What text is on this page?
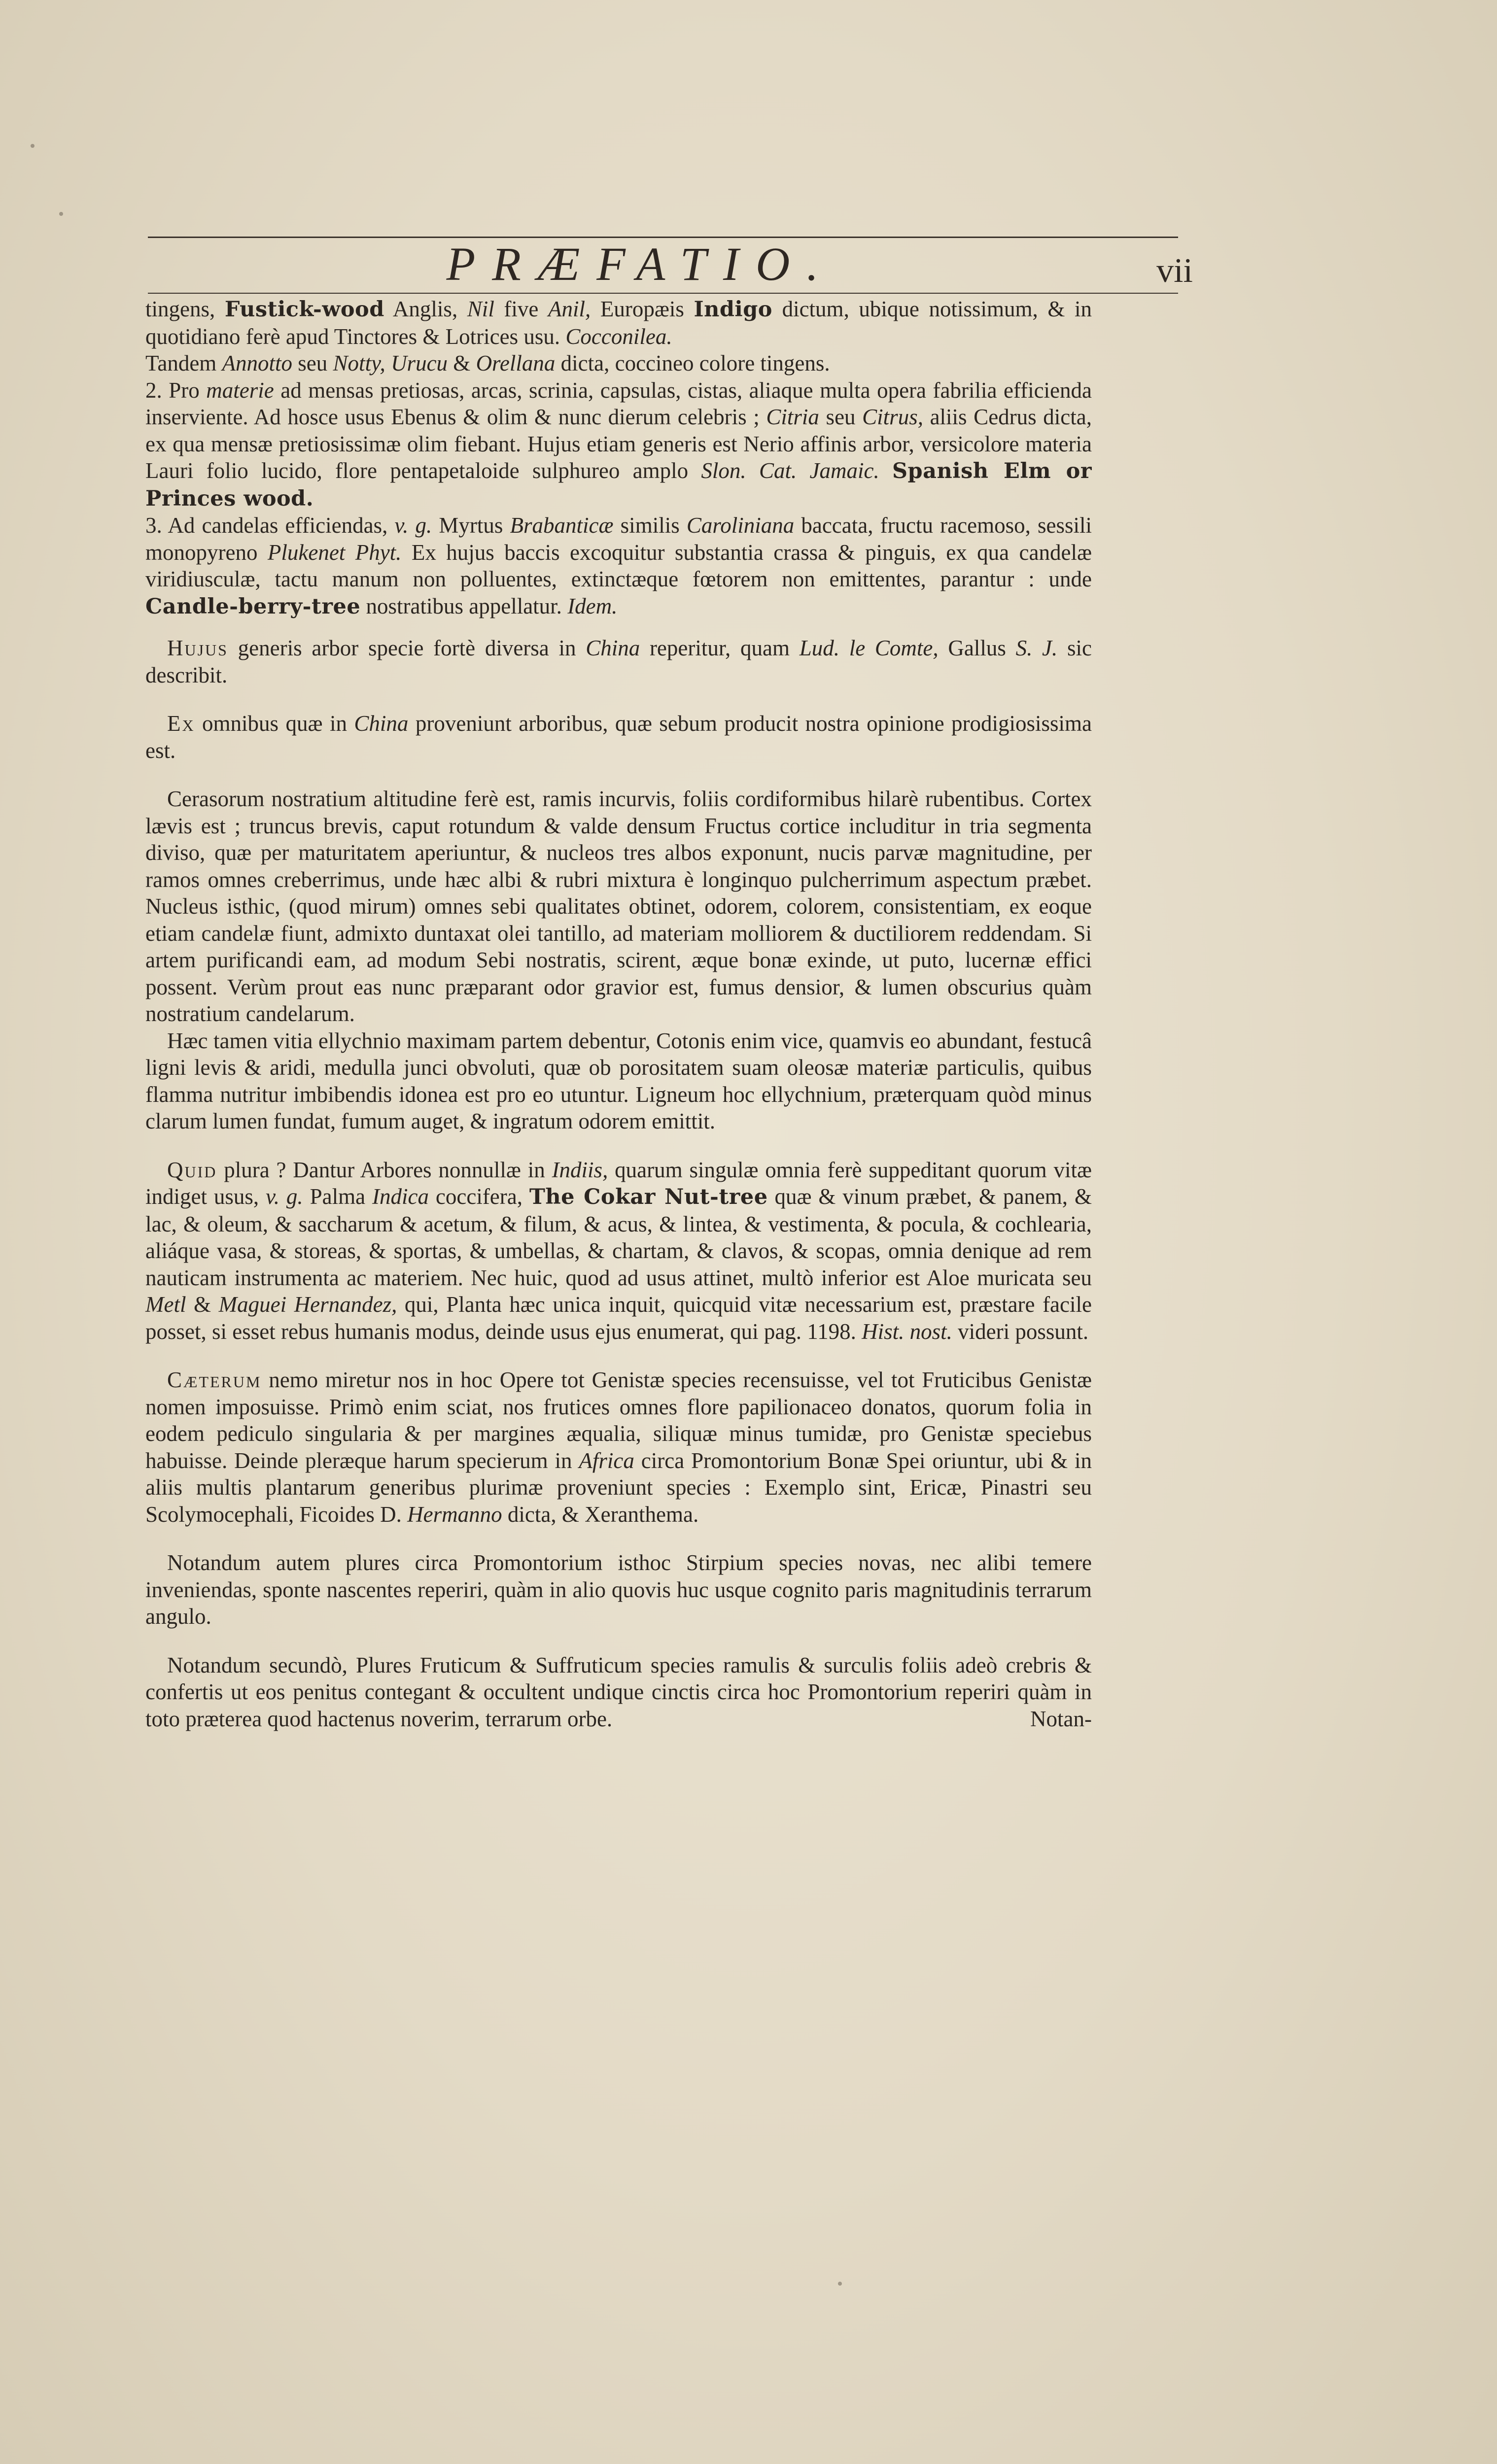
PRÆFATIO.	vii

tingens, Fustick-wood Anglis, Nil five Anil, Europæis Indigo dictum, ubique notissimum, & in quotidiano ferè apud Tinctores & Lotrices usu. Cocconilea.

Tandem Annotto seu Notty, Urucu & Orellana dicta, coccineo colore tingens.

2. Pro materie ad mensas pretiosas, arcas, scrinia, capsulas, cistas, aliaque multa opera fabrilia efficienda inserviente. Ad hosce usus Ebenus & olim & nunc dierum celebris ; Citria seu Citrus, aliis Cedrus dicta, ex qua mensæ pretiosissimæ olim fiebant. Hujus etiam generis est Nerio affinis arbor, versicolore materia Lauri folio lucido, flore pentapetaloide sulphureo amplo Slon. Cat. Jamaic. Spanish Elm or Princes wood.

3. Ad candelas efficiendas, v. g. Myrtus Brabanticæ similis Caroliniana baccata, fructu racemoso, sessili monopyreno Plukenet Phyt. Ex hujus baccis excoquitur substantia crassa & pinguis, ex qua candelæ viridiusculæ, tactu manum non polluentes, extinctæque fœtorem non emittentes, parantur : unde Candle-berry-tree nostratibus appellatur. Idem.

Hujus generis arbor specie fortè diversa in China reperitur, quam Lud. le Comte, Gallus S. J. sic describit.

Ex omnibus quæ in China proveniunt arboribus, quæ sebum producit nostra opinione prodigiosissima est.

Cerasorum nostratium altitudine ferè est, ramis incurvis, foliis cordiformibus hilarè rubentibus. Cortex lævis est ; truncus brevis, caput rotundum & valde densum Fructus cortice includitur in tria segmenta diviso, quæ per maturitatem aperiuntur, & nucleos tres albos exponunt, nucis parvæ magnitudine, per ramos omnes creberrimus, unde hæc albi & rubri mixtura è longinquo pulcherrimum aspectum præbet. Nucleus isthic, (quod mirum) omnes sebi qualitates obtinet, odorem, colorem, consistentiam, ex eoque etiam candelæ fiunt, admixto duntaxat olei tantillo, ad materiam molliorem & ductiliorem reddendam. Si artem purificandi eam, ad modum Sebi nostratis, scirent, æque bonæ exinde, ut puto, lucernæ effici possent. Verùm prout eas nunc præparant odor gravior est, fumus densior, & lumen obscurius quàm nostratium candelarum.

Hæc tamen vitia ellychnio maximam partem debentur, Cotonis enim vice, quamvis eo abundant, festucâ ligni levis & aridi, medulla junci obvoluti, quæ ob porositatem suam oleosæ materiæ particulis, quibus flamma nutritur imbibendis idonea est pro eo utuntur. Ligneum hoc ellychnium, præterquam quòd minus clarum lumen fundat, fumum auget, & ingratum odorem emittit.

Quid plura ? Dantur Arbores nonnullæ in Indiis, quarum singulæ omnia ferè suppeditant quorum vitæ indiget usus, v. g. Palma Indica coccifera, The Cokar Nut-tree quæ & vinum præbet, & panem, & lac, & oleum, & saccharum & acetum, & filum, & acus, & lintea, & vestimenta, & pocula, & cochlearia, aliáque vasa, & storeas, & sportas, & umbellas, & chartam, & clavos, & scopas, omnia denique ad rem nauticam instrumenta ac materiem. Nec huic, quod ad usus attinet, multò inferior est Aloe muricata seu Metl & Maguei Hernandez, qui, Planta hæc unica inquit, quicquid vitæ necessarium est, præstare facile posset, si esset rebus humanis modus, deinde usus ejus enumerat, qui pag. 1198. Hist. nost. videri possunt.

Cæterum nemo miretur nos in hoc Opere tot Genistæ species recensuisse, vel tot Fruticibus Genistæ nomen imposuisse. Primò enim sciat, nos frutices omnes flore papilionaceo donatos, quorum folia in eodem pediculo singularia & per margines æqualia, siliquæ minus tumidæ, pro Genistæ speciebus habuisse. Deinde pleræque harum specierum in Africa circa Promontorium Bonæ Spei oriuntur, ubi & in aliis multis plantarum generibus plurimæ proveniunt species : Exemplo sint, Ericæ, Pinastri seu Scolymocephali, Ficoides D. Hermanno dicta, & Xeranthema.

Notandum autem plures circa Promontorium isthoc Stirpium species novas, nec alibi temere inveniendas, sponte nascentes reperiri, quàm in alio quovis huc usque cognito paris magnitudinis terrarum angulo.

Notandum secundò, Plures Fruticum & Suffruticum species ramulis & surculis foliis adeò crebris & confertis ut eos penitus contegant & occultent undique cinctis circa hoc Promontorium reperiri quàm in toto præterea quod hactenus noverim, terrarum orbe.	Notan-
